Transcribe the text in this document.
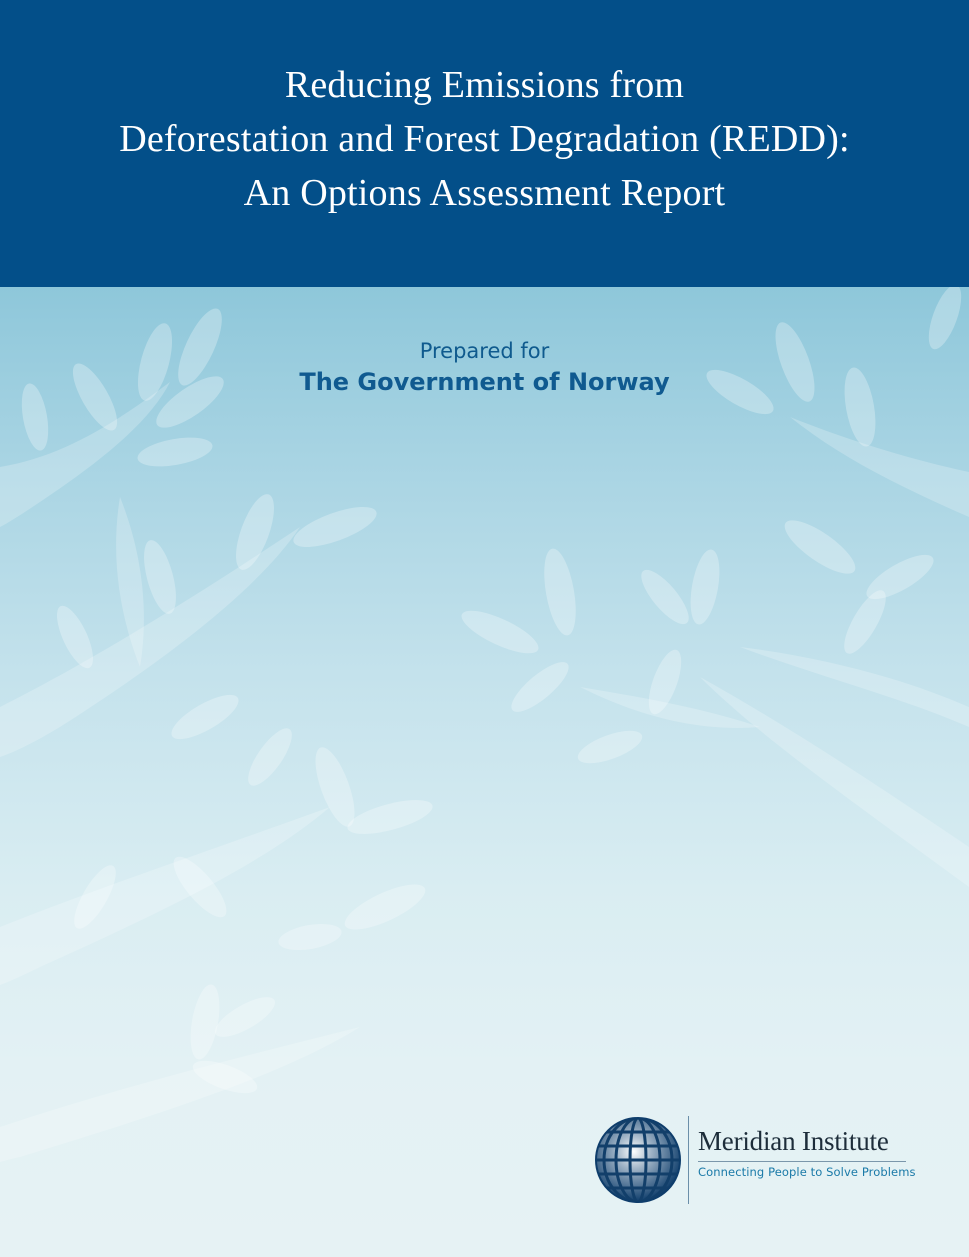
Reducing Emissions from
Deforestation and Forest Degradation (REDD):
An Options Assessment Report
Prepared for
The Government of Norway
Meridian Institute
Connecting People to Solve Problems
